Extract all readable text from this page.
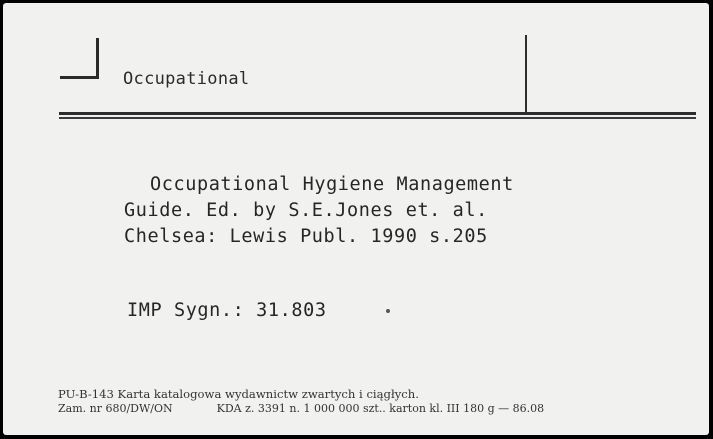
Occupational
Occupational Hygiene Management
Guide. Ed. by S.E.Jones et. al.
Chelsea: Lewis Publ. 1990 s.205
IMP Sygn.: 31.803
PU-B-143 Karta katalogowa wydawnictw zwartych i ciągłych.
Zam. nr 680/DW/ON	KDA z. 3391 n. 1 000 000 szt.. karton kl. III 180 g — 86.08
